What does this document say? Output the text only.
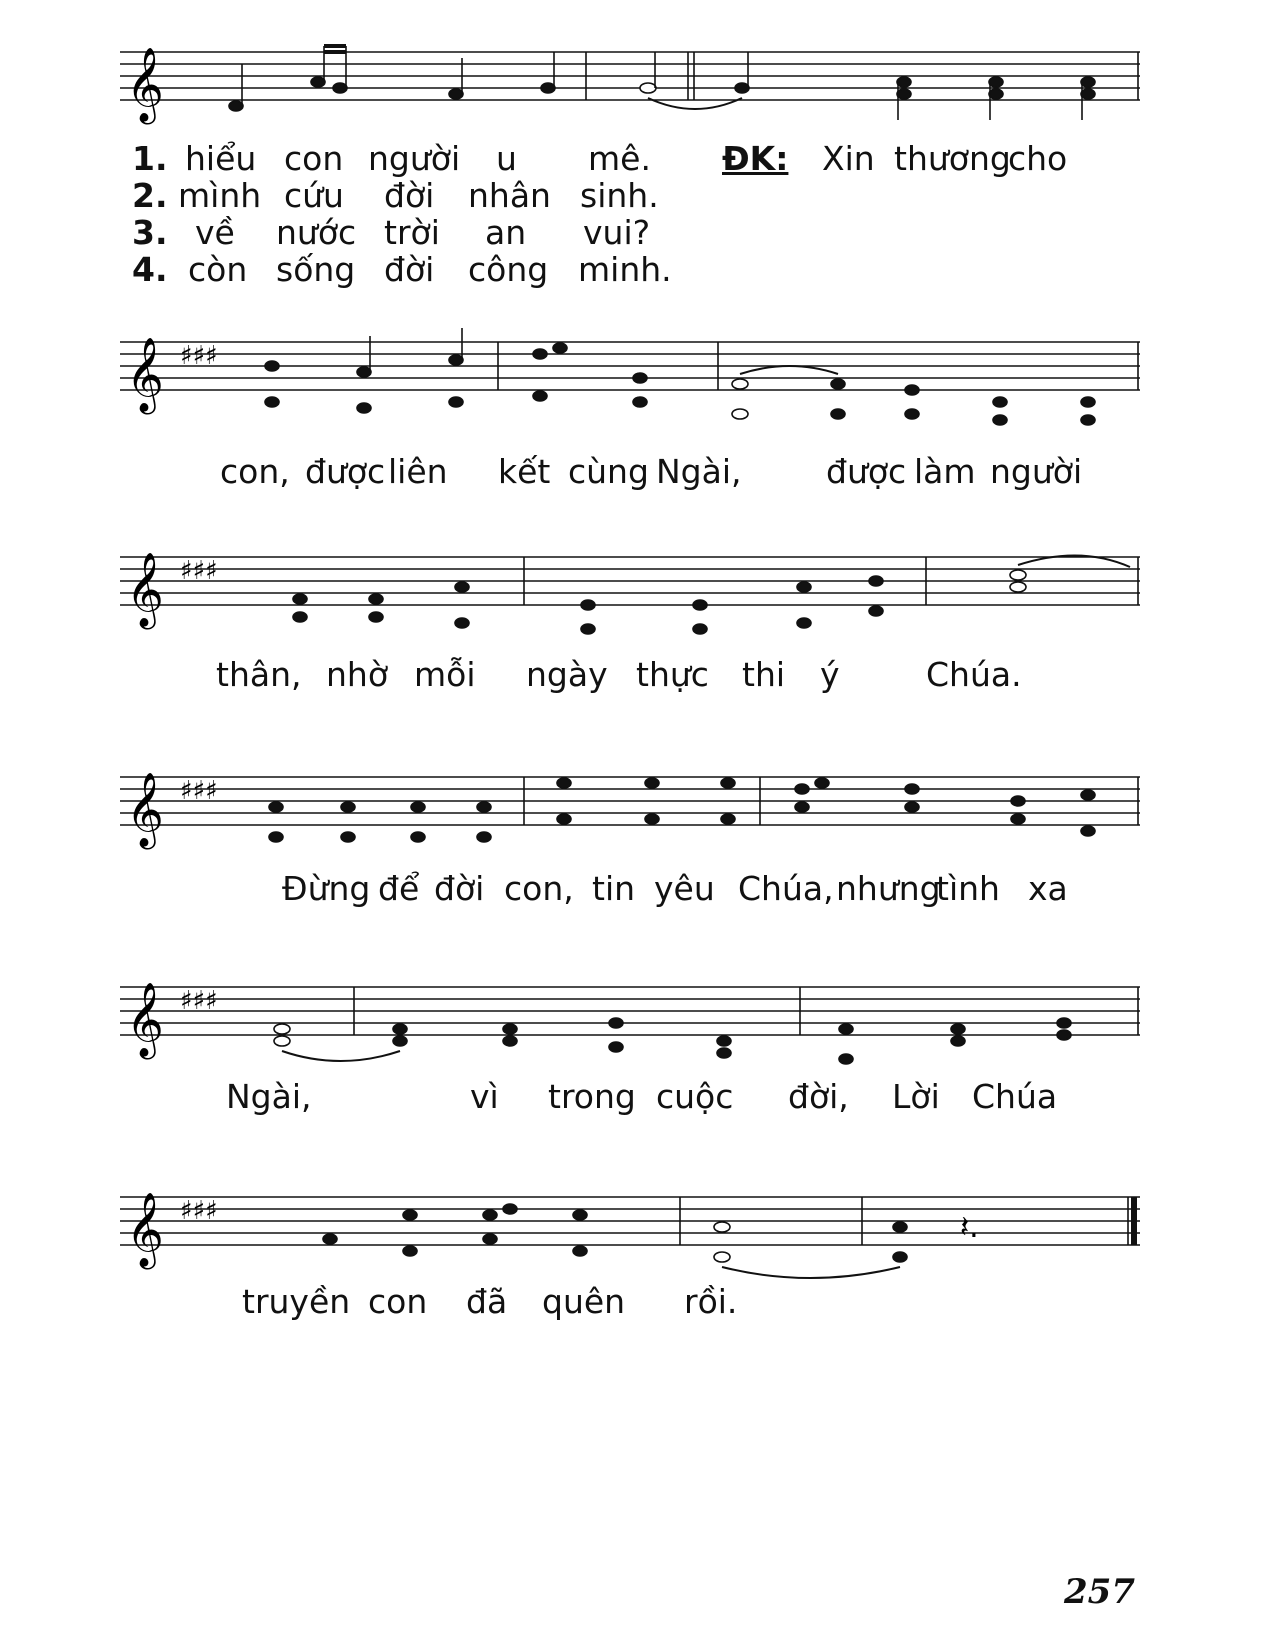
𝄞
𝄞 ♯♯♯
𝄞 ♯♯♯
𝄞 ♯♯♯
𝄞 ♯♯♯
𝄞 ♯♯♯	𝄽.
1. hiểu con người u mê. ĐK: Xin thương
cho
2. mình cứu đời nhân sinh.
3. về nước trời an vui?
4. còn sống đời công minh.
con, được liên kết cùng Ngài,	được làm người
thân, nhờ mỗi ngày thực thi ý	Chúa.
Đừng để đời con, tin yêu Chúa, nhưng
tình xa
Ngài,	vì trong cuộc đời, Lời Chúa
truyền con đã quên rồi.
257
